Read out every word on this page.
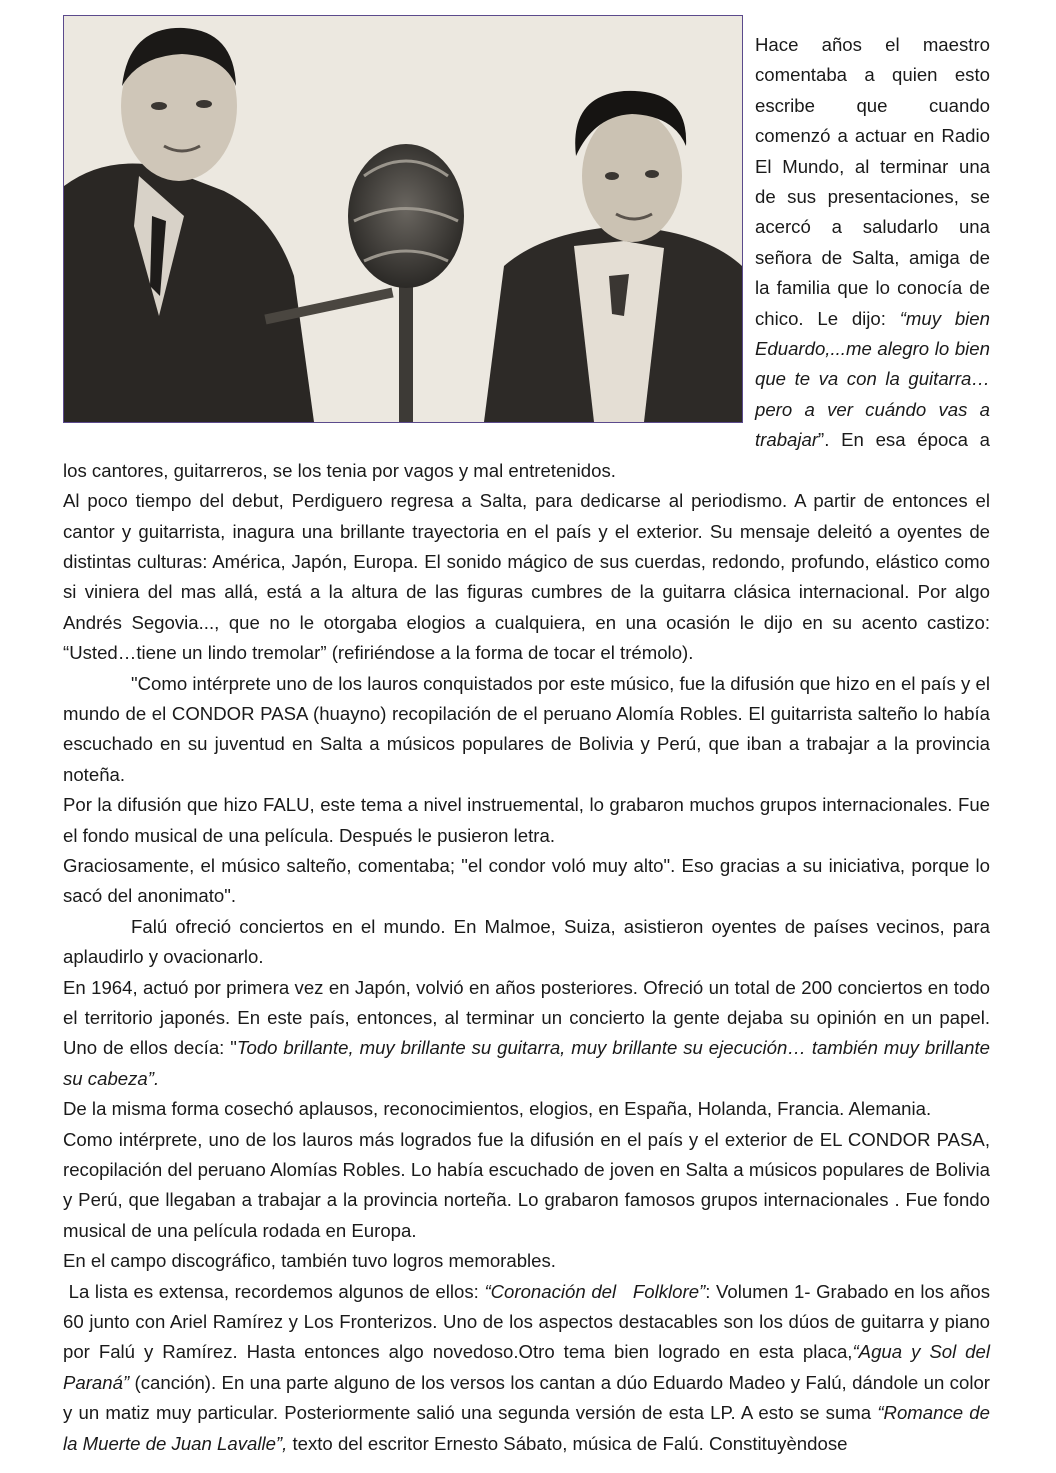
Hace años el maestro comentaba a quien esto escribe que cuando comenzó a actuar en Radio El Mundo, al terminar una de sus presentaciones, se acercó a saludarlo una señora de Salta, amiga de la familia que lo conocía de chico. Le dijo: “muy bien Eduardo,...me alegro lo bien que te va con la guitarra… pero a ver cuándo vas a trabajar”. En esa época a los cantores, guitarreros, se los tenia por vagos y mal entretenidos.

Al poco tiempo del debut, Perdiguero regresa a Salta, para dedicarse al periodismo. A partir de entonces el cantor y guitarrista, inagura una brillante trayectoria en el país y el exterior. Su mensaje deleitó a oyentes de distintas culturas: América, Japón, Europa. El sonido mágico de sus cuerdas, redondo, profundo, elástico como si viniera del mas allá, está a la altura de las figuras cumbres de la guitarra clásica internacional. Por algo Andrés Segovia..., que no le otorgaba elogios a cualquiera, en una ocasión le dijo en su acento castizo: “Usted…tiene un lindo tremolar” (refiriéndose a la forma de tocar el trémolo).

"Como intérprete uno de los lauros conquistados por este músico, fue la difusión que hizo en el país y el mundo de el CONDOR PASA (huayno) recopilación de el peruano Alomía Robles. El guitarrista salteño lo había escuchado en su juventud en Salta a músicos populares de Bolivia y Perú, que iban a trabajar a la provincia noteña.

Por la difusión que hizo FALU, este tema a nivel instruemental, lo grabaron muchos grupos internacionales. Fue el fondo musical de una película. Después le pusieron letra.

Graciosamente, el músico salteño, comentaba; "el condor voló muy alto". Eso gracias a su iniciativa, porque lo sacó del anonimato".

Falú ofreció conciertos en el mundo. En Malmoe, Suiza, asistieron oyentes de países vecinos, para aplaudirlo y ovacionarlo.

En 1964, actuó por primera vez en Japón, volvió en años posteriores. Ofreció un total de 200 conciertos en todo el territorio japonés. En este país, entonces, al terminar un concierto la gente dejaba su opinión en un papel. Uno de ellos decía: "Todo brillante, muy brillante su guitarra, muy brillante su ejecución… también muy brillante su cabeza”.

De la misma forma cosechó aplausos, reconocimientos, elogios, en España, Holanda, Francia. Alemania.

Como intérprete, uno de los lauros más logrados fue la difusión en el país y el exterior de EL CONDOR PASA, recopilación del peruano Alomías Robles. Lo había escuchado de joven en Salta a músicos populares de Bolivia y Perú, que llegaban a trabajar a la provincia norteña. Lo grabaron famosos grupos internacionales . Fue fondo musical de una película rodada en Europa.

En el campo discográfico, también tuvo logros memorables.

La lista es extensa, recordemos algunos de ellos: “Coronación del   Folklore”: Volumen 1- Grabado en los años 60 junto con Ariel Ramírez y Los Fronterizos. Uno de los aspectos destacables son los dúos de guitarra y piano por Falú y Ramírez. Hasta entonces algo novedoso.Otro tema bien logrado en esta placa,“Agua y Sol del Paraná” (canción). En una parte alguno de los versos los cantan a dúo Eduardo Madeo y Falú, dándole un color y un matiz muy particular. Posteriormente salió una segunda versión de esta LP. A esto se suma “Romance de la Muerte de Juan Lavalle”, texto del escritor Ernesto Sábato, música de Falú. Constituyèndose
